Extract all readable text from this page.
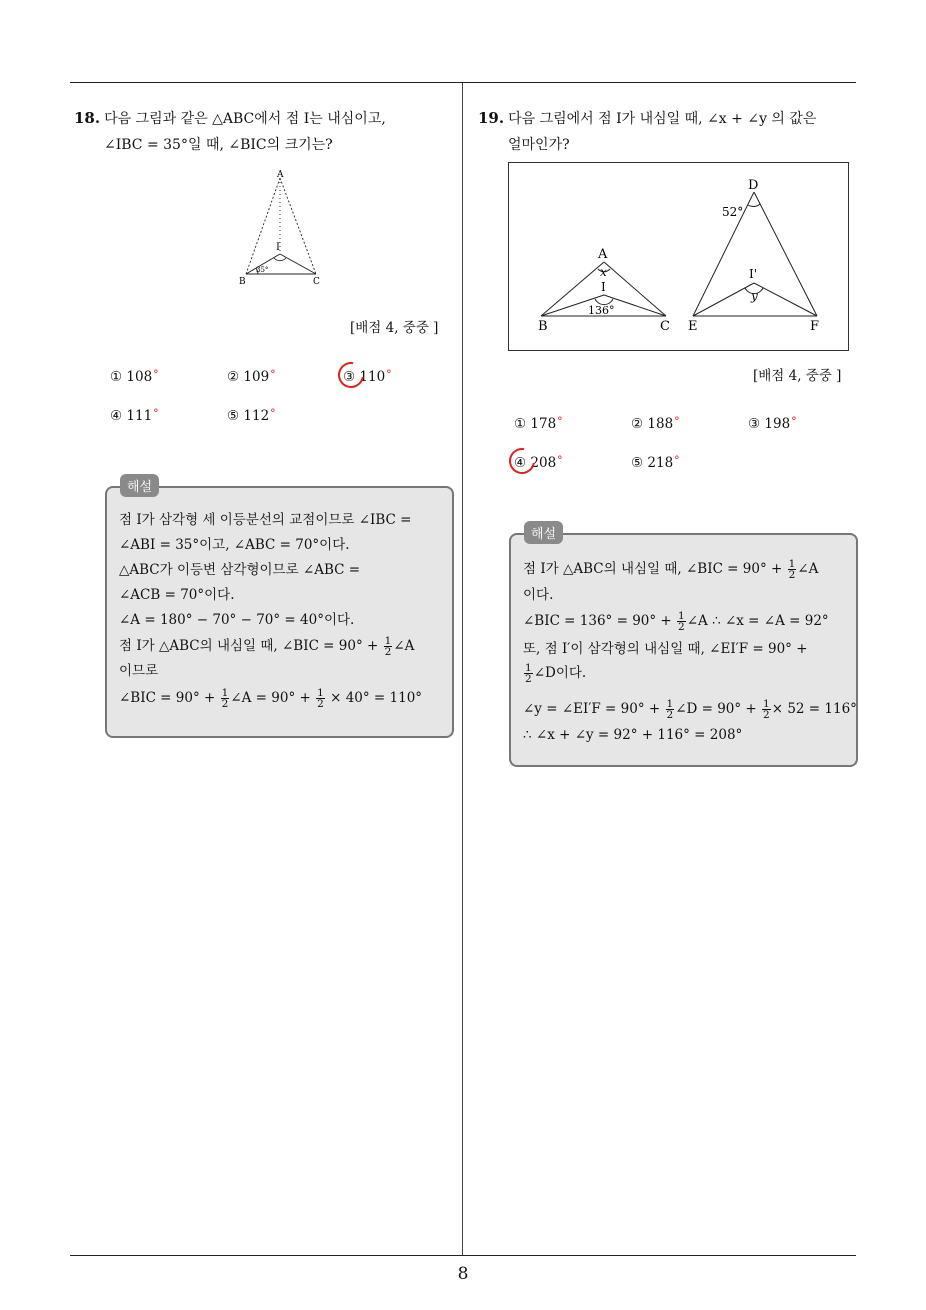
8
18. 다음 그림과 같은 △ABC에서 점 I는 내심이고,
∠IBC = 35°일 때, ∠BIC의 크기는?
A
B	C
I
35°
[배점 4, 중중 ]
① 108°	② 109°	③ 110°
④ 111°	⑤ 112°
점 I가 삼각형 세 이등분선의 교점이므로 ∠IBC =
∠ABI = 35°이고, ∠ABC = 70°이다.
△ABC가 이등변 삼각형이므로 ∠ABC =
∠ACB = 70°이다.
∠A = 180° − 70° − 70° = 40°이다.
점 I가 △ABC의 내심일 때, ∠BIC = $90^\circ + \frac{1}{2}$ ∠A
이므로
∠BIC = $90^\circ + \frac{1}{2}$ ∠A = $90^\circ + \frac{1}{2} \times 40^\circ = 110^\circ$
해설
19. 다음 그림에서 점 I가 내심일 때, ∠x + ∠y 의 값은
얼마인가?
A
B	C
I
x
136°
D
E	F
I'
y
52°
[배점 4, 중중 ]
① 178°	② 188°	③ 198°
④ 208°	⑤ 218°
점 I가 △ABC의 내심일 때, ∠BIC = $90^\circ + \frac{1}{2}$ ∠A
이다.
∠BIC = $136^\circ = 90^\circ + \frac{1}{2}$ ∠A ∴ ∠x = ∠A = 92°
또, 점 I′이 삼각형의 내심일 때, ∠EI′F = 90° +
$\frac{1}{2}$ ∠D이다.
∠y = ∠EI′F = $90^\circ + \frac{1}{2}$ ∠D = $90^\circ + \frac{1}{2} \times 52 = 116^\circ$
∴ ∠x + ∠y = 92° + 116° = 208°
해설
